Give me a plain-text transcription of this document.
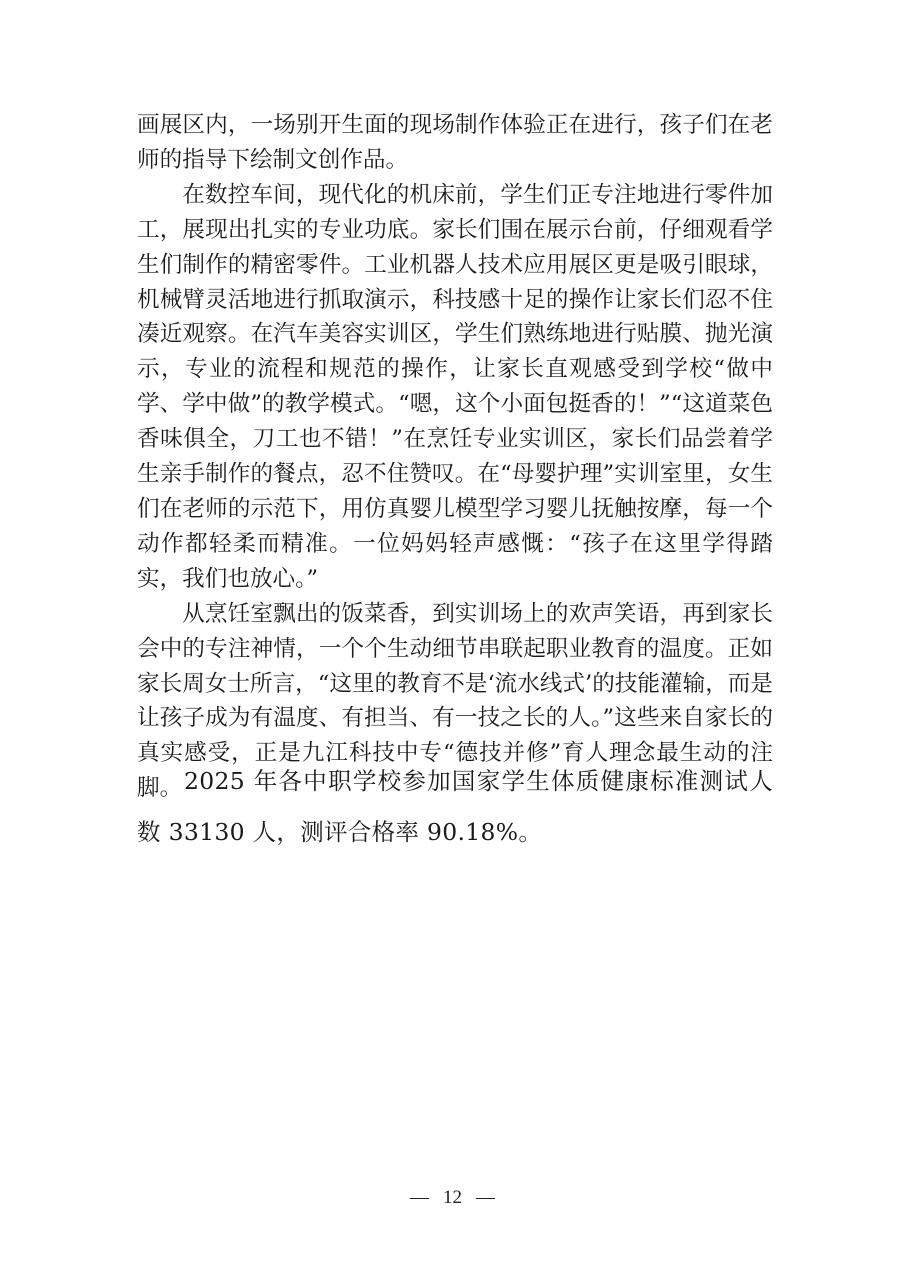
画展区内，一场别开生面的现场制作体验正在进行，孩子们在老师的指导下绘制文创作品。

在数控车间，现代化的机床前，学生们正专注地进行零件加工，展现出扎实的专业功底。家长们围在展示台前，仔细观看学生们制作的精密零件。工业机器人技术应用展区更是吸引眼球，机械臂灵活地进行抓取演示，科技感十足的操作让家长们忍不住凑近观察。在汽车美容实训区，学生们熟练地进行贴膜、抛光演示，专业的流程和规范的操作，让家长直观感受到学校“做中学、学中做”的教学模式。“嗯，这个小面包挺香的！”“这道菜色香味俱全，刀工也不错！”在烹饪专业实训区，家长们品尝着学生亲手制作的餐点，忍不住赞叹。在“母婴护理”实训室里，女生们在老师的示范下，用仿真婴儿模型学习婴儿抚触按摩，每一个动作都轻柔而精准。一位妈妈轻声感慨：“孩子在这里学得踏实，我们也放心。”

从烹饪室飘出的饭菜香，到实训场上的欢声笑语，再到家长会中的专注神情，一个个生动细节串联起职业教育的温度。正如家长周女士所言，“这里的教育不是‘流水线式’的技能灌输，而是让孩子成为有温度、有担当、有一技之长的人。”这些来自家长的真实感受，正是九江科技中专“德技并修”育人理念最生动的注脚。 2025 年各中职学校参加国家学生体质健康标准测试人数 33130 人，测评合格率 90.18%。

— 12 —
